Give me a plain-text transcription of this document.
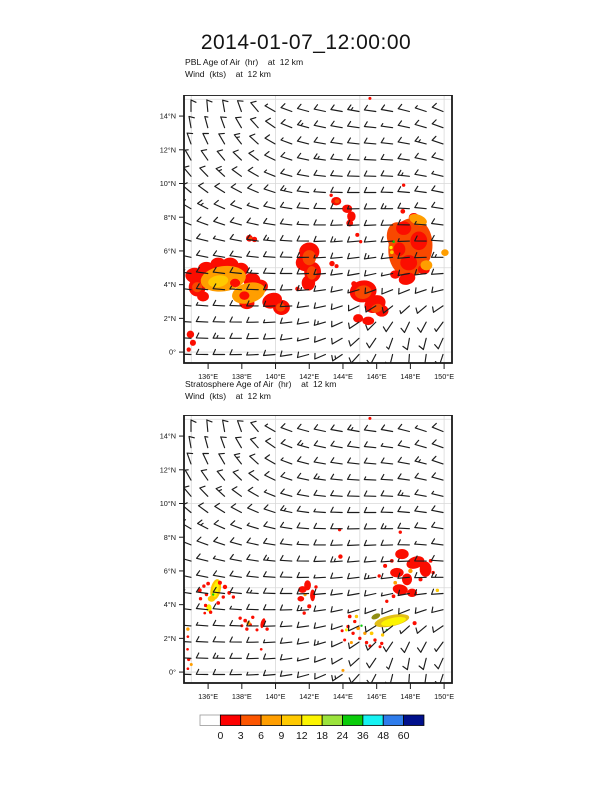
2014-01-07_12:00:00
PBL Age of Air  (hr)    at  12 km
Wind  (kts)    at  12 km
0°
2°N
4°N
6°N
8°N
10°N
12°N
14°N
136°E 138°E 140°E 142°E 144°E 146°E 148°E 150°E
Stratosphere Age of Air  (hr)    at  12 km
Wind  (kts)    at  12 km
0°
2°N
4°N
6°N
8°N
10°N
12°N
14°N
136°E 138°E 140°E 142°E 144°E 146°E 148°E 150°E
0 3 6 9 12 18 24 36 48 60
